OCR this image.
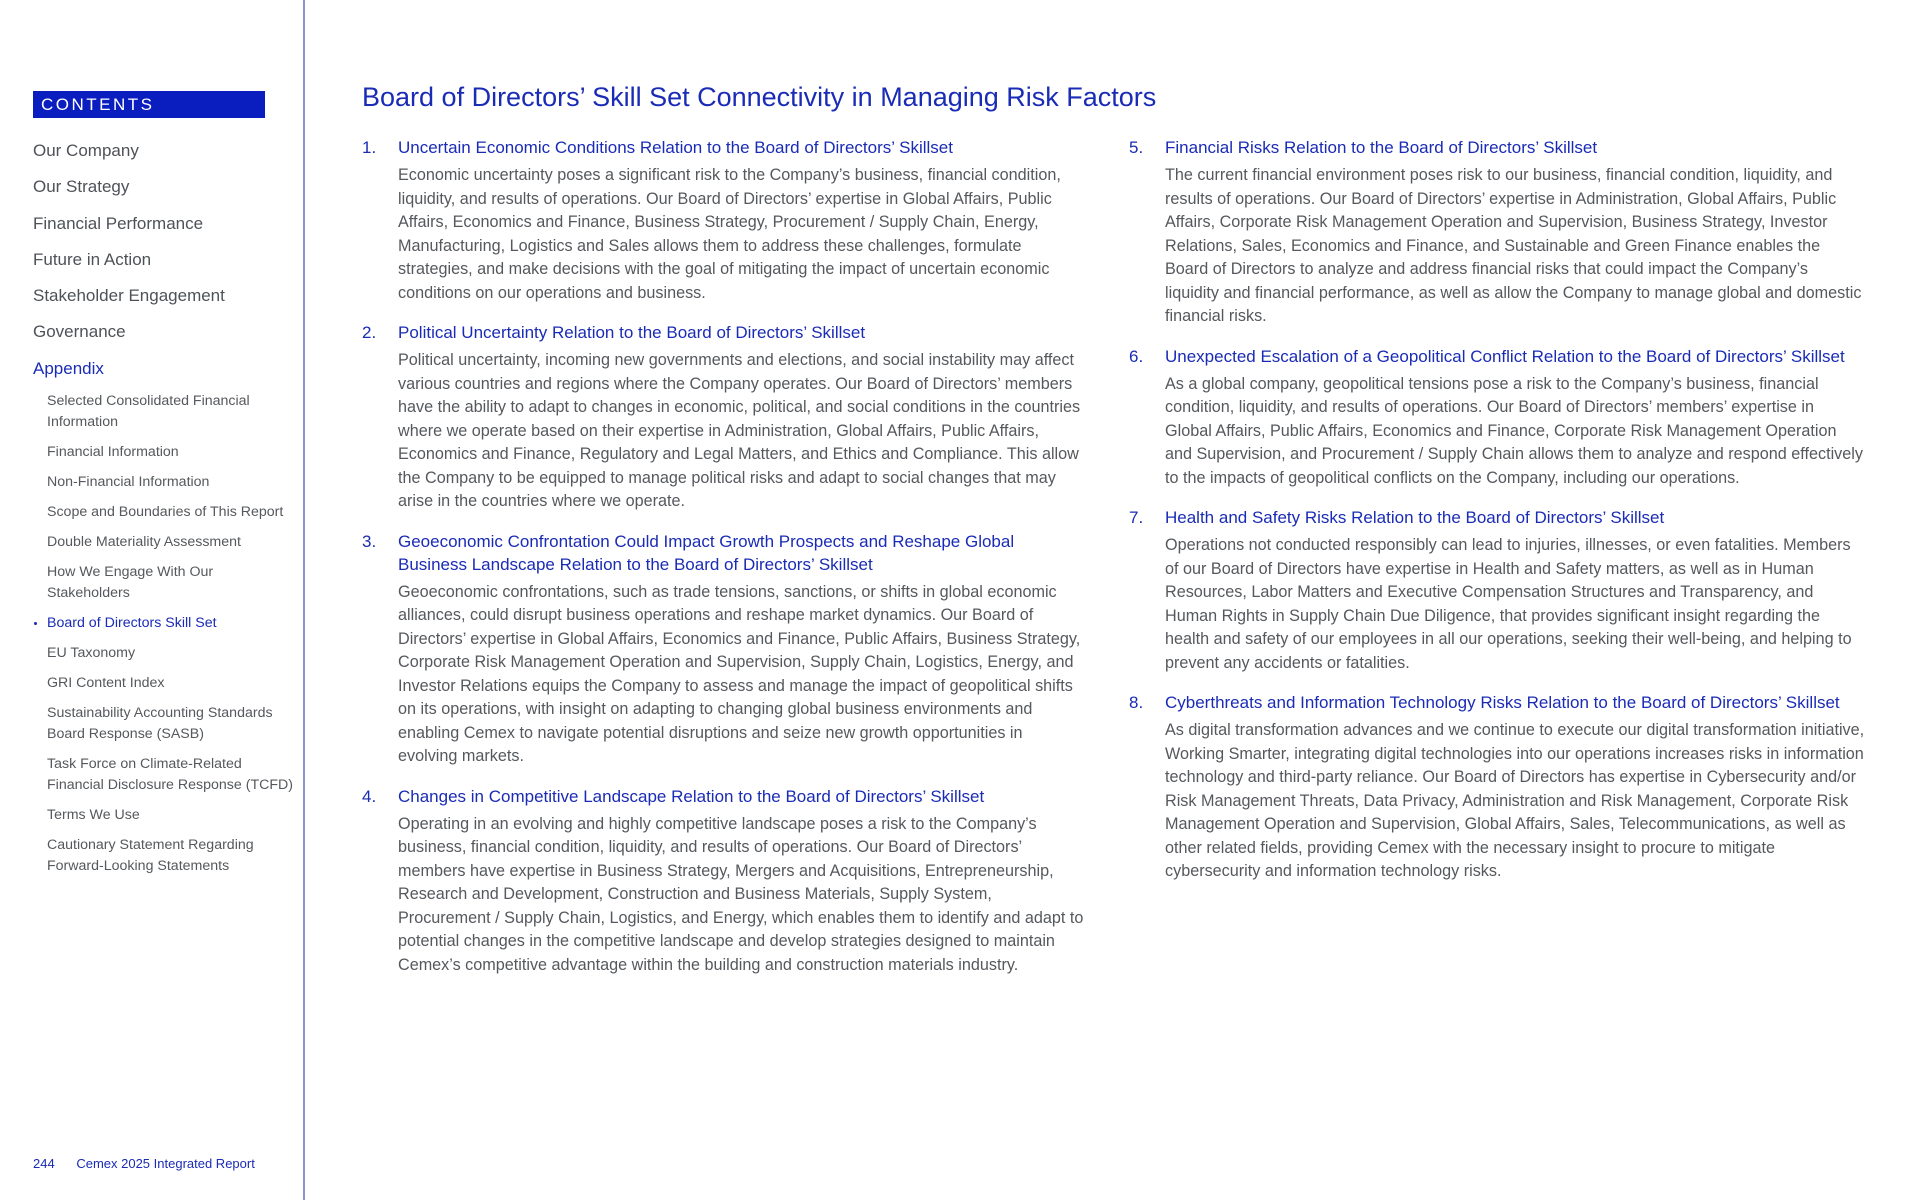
CONTENTS
Our Company
Our Strategy
Financial Performance
Future in Action
Stakeholder Engagement
Governance
Appendix
Selected Consolidated Financial Information
Financial Information
Non-Financial Information
Scope and Boundaries of This Report
Double Materiality Assessment
How We Engage With Our Stakeholders
Board of Directors Skill Set
EU Taxonomy
GRI Content Index
Sustainability Accounting Standards Board Response (SASB)
Task Force on Climate-Related Financial Disclosure Response (TCFD)
Terms We Use
Cautionary Statement Regarding Forward-Looking Statements
244 Cemex 2025 Integrated Report
Board of Directors’ Skill Set Connectivity in Managing Risk Factors
1. Uncertain Economic Conditions Relation to the Board of Directors’ Skillset

Economic uncertainty poses a significant risk to the Company’s business, financial condition, liquidity, and results of operations. Our Board of Directors’ expertise in Global Affairs, Public Affairs, Economics and Finance, Business Strategy, Procurement / Supply Chain, Energy, Manufacturing, Logistics and Sales allows them to address these challenges, formulate strategies, and make decisions with the goal of mitigating the impact of uncertain economic conditions on our operations and business.

2. Political Uncertainty Relation to the Board of Directors’ Skillset

Political uncertainty, incoming new governments and elections, and social instability may affect various countries and regions where the Company operates. Our Board of Directors’ members have the ability to adapt to changes in economic, political, and social conditions in the countries where we operate based on their expertise in Administration, Global Affairs, Public Affairs, Economics and Finance, Regulatory and Legal Matters, and Ethics and Compliance. This allow the Company to be equipped to manage political risks and adapt to social changes that may arise in the countries where we operate.

3. Geoeconomic Confrontation Could Impact Growth Prospects and Reshape Global Business Landscape Relation to the Board of Directors’ Skillset

Geoeconomic confrontations, such as trade tensions, sanctions, or shifts in global economic alliances, could disrupt business operations and reshape market dynamics. Our Board of Directors’ expertise in Global Affairs, Economics and Finance, Public Affairs, Business Strategy, Corporate Risk Management Operation and Supervision, Supply Chain, Logistics, Energy, and Investor Relations equips the Company to assess and manage the impact of geopolitical shifts on its operations, with insight on adapting to changing global business environments and enabling Cemex to navigate potential disruptions and seize new growth opportunities in evolving markets.

4. Changes in Competitive Landscape Relation to the Board of Directors’ Skillset

Operating in an evolving and highly competitive landscape poses a risk to the Company’s business, financial condition, liquidity, and results of operations. Our Board of Directors’ members have expertise in Business Strategy, Mergers and Acquisitions, Entrepreneurship, Research and Development, Construction and Business Materials, Supply System, Procurement / Supply Chain, Logistics, and Energy, which enables them to identify and adapt to potential changes in the competitive landscape and develop strategies designed to maintain Cemex’s competitive advantage within the building and construction materials industry.

5. Financial Risks Relation to the Board of Directors’ Skillset

The current financial environment poses risk to our business, financial condition, liquidity, and results of operations. Our Board of Directors’ expertise in Administration, Global Affairs, Public Affairs, Corporate Risk Management Operation and Supervision, Business Strategy, Investor Relations, Sales, Economics and Finance, and Sustainable and Green Finance enables the Board of Directors to analyze and address financial risks that could impact the Company’s liquidity and financial performance, as well as allow the Company to manage global and domestic financial risks.

6. Unexpected Escalation of a Geopolitical Conflict Relation to the Board of Directors’ Skillset

As a global company, geopolitical tensions pose a risk to the Company’s business, financial condition, liquidity, and results of operations. Our Board of Directors’ members’ expertise in Global Affairs, Public Affairs, Economics and Finance, Corporate Risk Management Operation and Supervision, and Procurement / Supply Chain allows them to analyze and respond effectively to the impacts of geopolitical conflicts on the Company, including our operations.

7. Health and Safety Risks Relation to the Board of Directors’ Skillset

Operations not conducted responsibly can lead to injuries, illnesses, or even fatalities. Members of our Board of Directors have expertise in Health and Safety matters, as well as in Human Resources, Labor Matters and Executive Compensation Structures and Transparency, and Human Rights in Supply Chain Due Diligence, that provides significant insight regarding the health and safety of our employees in all our operations, seeking their well-being, and helping to prevent any accidents or fatalities.

8. Cyberthreats and Information Technology Risks Relation to the Board of Directors’ Skillset

As digital transformation advances and we continue to execute our digital transformation initiative, Working Smarter, integrating digital technologies into our operations increases risks in information technology and third-party reliance. Our Board of Directors has expertise in Cybersecurity and/or Risk Management Threats, Data Privacy, Administration and Risk Management, Corporate Risk Management Operation and Supervision, Global Affairs, Sales, Telecommunications, as well as other related fields, providing Cemex with the necessary insight to procure to mitigate cybersecurity and information technology risks.
